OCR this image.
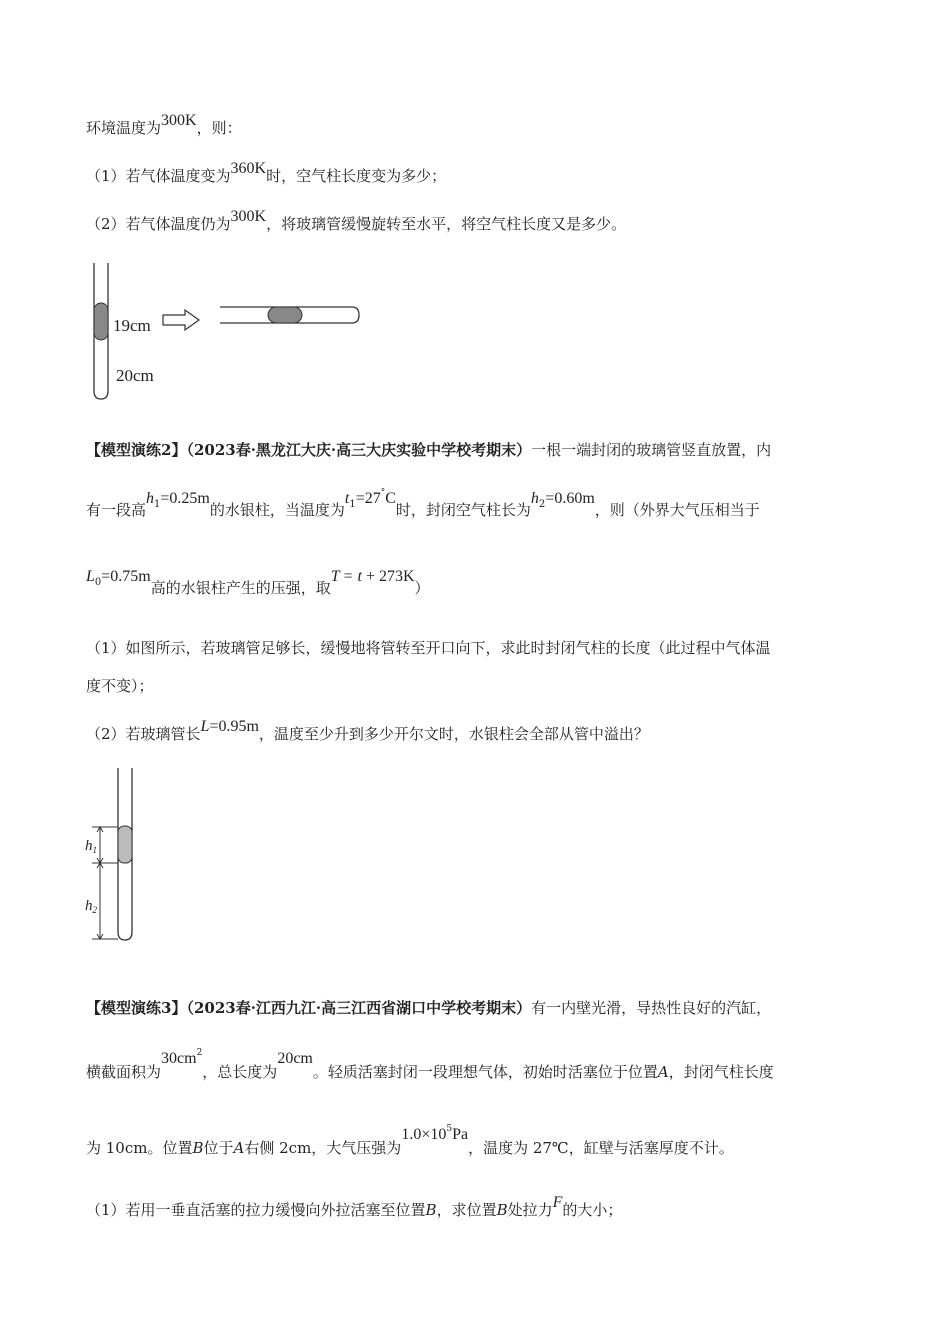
环境温度为300K，则：
（1）若气体温度变为360K时，空气柱长度变为多少；
（2）若气体温度仍为300K，将玻璃管缓慢旋转至水平，将空气柱长度又是多少。
19cm
20cm
【模型演练2】（2023春·黑龙江大庆·高三大庆实验中学校考期末）一根一端封闭的玻璃管竖直放置，内
有一段高$h_1=0.25m$的水银柱，当温度为$t_1=27^\circ C$时，封闭空气柱长为$h_2=0.60m$，则（外界大气压相当于
$L_0=0.75m$高的水银柱产生的压强，取T = t + 273K）
（1）如图所示，若玻璃管足够长，缓慢地将管转至开口向下，求此时封闭气柱的长度（此过程中气体温
度不变）；
（2）若玻璃管长L=0.95m，温度至少升到多少开尔文时，水银柱会全部从管中溢出？
$h_1$
$h_2$
【模型演练3】（2023春·江西九江·高三江西省湖口中学校考期末）有一内壁光滑，导热性良好的汽缸，
横截面积为$30cm^2$，总长度为20cm。轻质活塞封闭一段理想气体，初始时活塞位于位置A，封闭气柱长度
为 10cm。位置B位于A右侧 2cm，大气压强为$1.0\times 10^5Pa$，温度为 27℃，缸壁与活塞厚度不计。
（1）若用一垂直活塞的拉力缓慢向外拉活塞至位置B，求位置B处拉力F的大小；
